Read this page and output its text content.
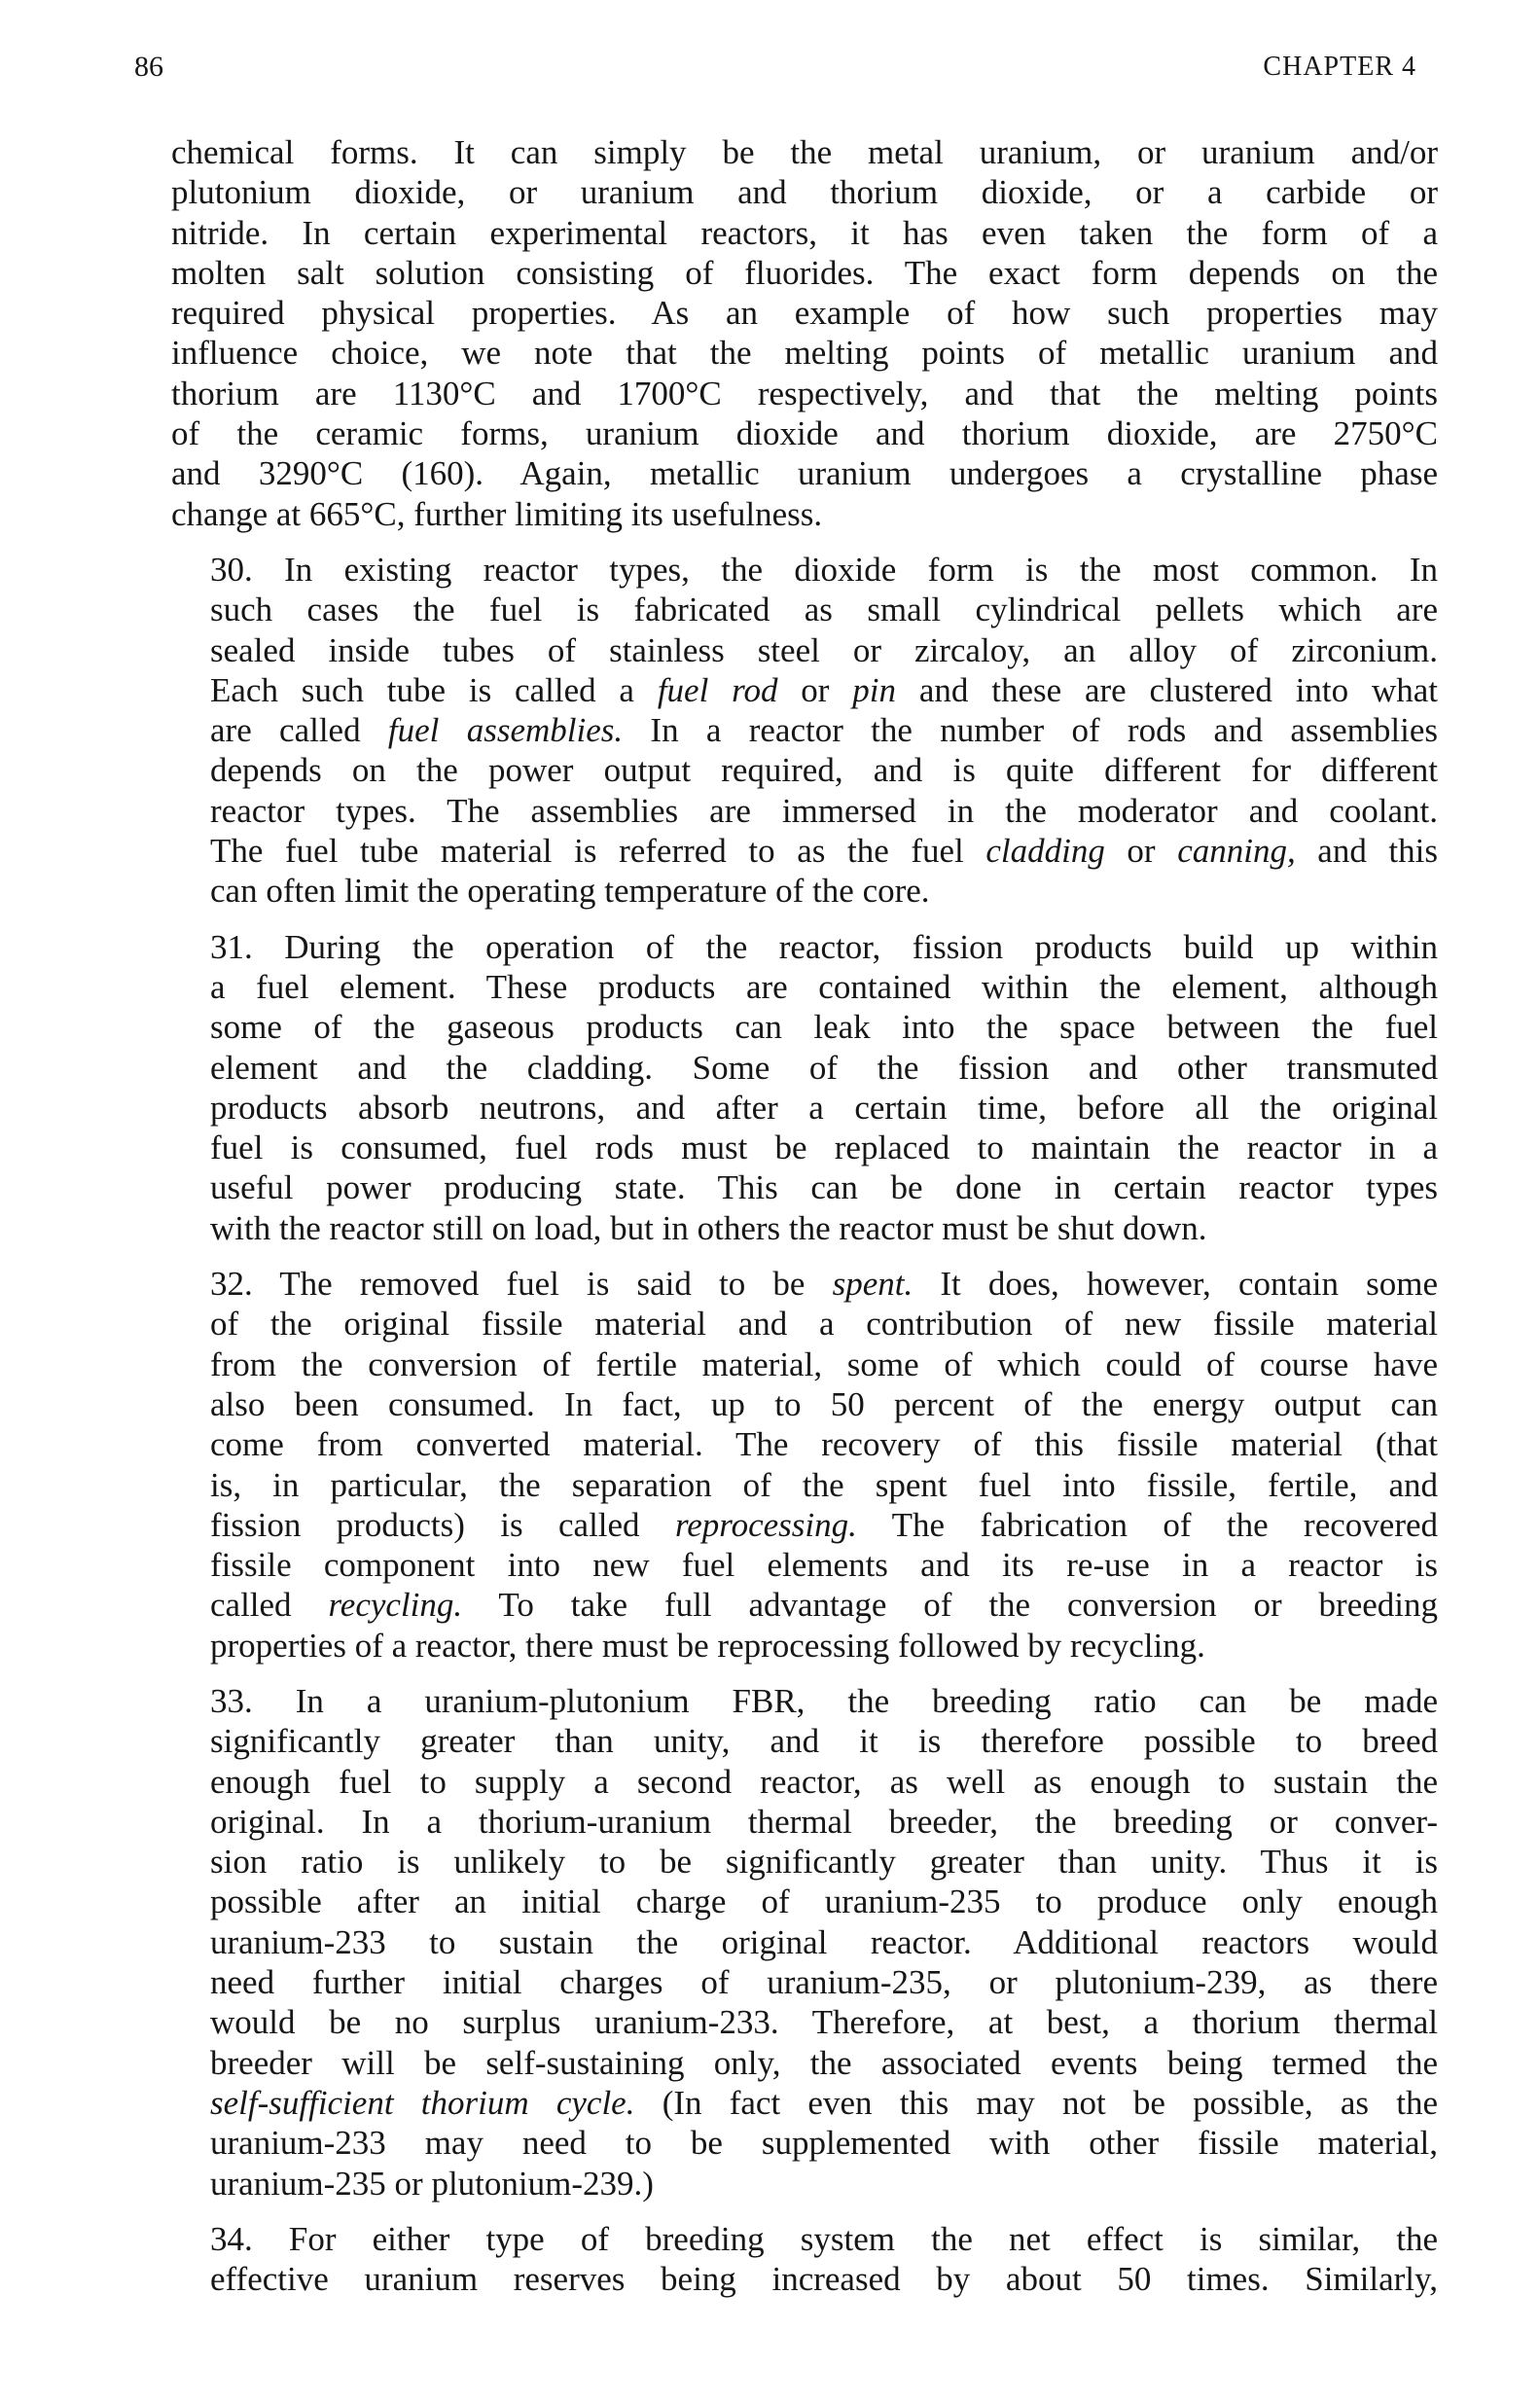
86	CHAPTER 4
chemical forms. It can simply be the metal uranium, or uranium and/or
plutonium dioxide, or uranium and thorium dioxide, or a carbide or
nitride. In certain experimental reactors, it has even taken the form of a
molten salt solution consisting of fluorides. The exact form depends on the
required physical properties. As an example of how such properties may
influence choice, we note that the melting points of metallic uranium and
thorium are 1130°C and 1700°C respectively, and that the melting points
of the ceramic forms, uranium dioxide and thorium dioxide, are 2750°C
and 3290°C (160). Again, metallic uranium undergoes a crystalline phase
change at 665°C, further limiting its usefulness.
30. In existing reactor types, the dioxide form is the most common. In
such cases the fuel is fabricated as small cylindrical pellets which are
sealed inside tubes of stainless steel or zircaloy, an alloy of zirconium.
Each such tube is called a fuel rod or pin and these are clustered into what
are called fuel assemblies. In a reactor the number of rods and assemblies
depends on the power output required, and is quite different for different
reactor types. The assemblies are immersed in the moderator and coolant.
The fuel tube material is referred to as the fuel cladding or canning, and this
can often limit the operating temperature of the core.
31. During the operation of the reactor, fission products build up within
a fuel element. These products are contained within the element, although
some of the gaseous products can leak into the space between the fuel
element and the cladding. Some of the fission and other transmuted
products absorb neutrons, and after a certain time, before all the original
fuel is consumed, fuel rods must be replaced to maintain the reactor in a
useful power producing state. This can be done in certain reactor types
with the reactor still on load, but in others the reactor must be shut down.
32. The removed fuel is said to be spent. It does, however, contain some
of the original fissile material and a contribution of new fissile material
from the conversion of fertile material, some of which could of course have
also been consumed. In fact, up to 50 percent of the energy output can
come from converted material. The recovery of this fissile material (that
is, in particular, the separation of the spent fuel into fissile, fertile, and
fission products) is called reprocessing. The fabrication of the recovered
fissile component into new fuel elements and its re-use in a reactor is
called recycling. To take full advantage of the conversion or breeding
properties of a reactor, there must be reprocessing followed by recycling.
33. In a uranium-plutonium FBR, the breeding ratio can be made
significantly greater than unity, and it is therefore possible to breed
enough fuel to supply a second reactor, as well as enough to sustain the
original. In a thorium-uranium thermal breeder, the breeding or conver-
sion ratio is unlikely to be significantly greater than unity. Thus it is
possible after an initial charge of uranium-235 to produce only enough
uranium-233 to sustain the original reactor. Additional reactors would
need further initial charges of uranium-235, or plutonium-239, as there
would be no surplus uranium-233. Therefore, at best, a thorium thermal
breeder will be self-sustaining only, the associated events being termed the
self-sufficient thorium cycle. (In fact even this may not be possible, as the
uranium-233 may need to be supplemented with other fissile material,
uranium-235 or plutonium-239.)
34. For either type of breeding system the net effect is similar, the
effective uranium reserves being increased by about 50 times. Similarly,
